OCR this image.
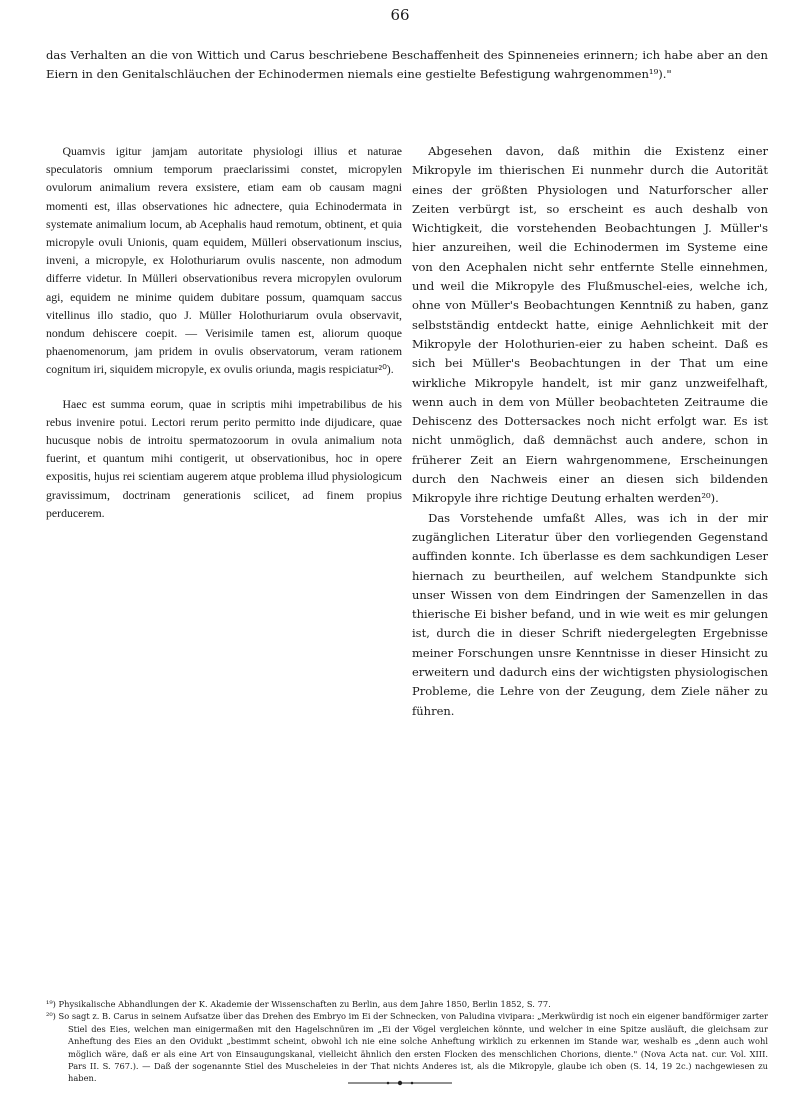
66

das Verhalten an die von Wittich und Carus beschriebene Beschaffenheit des Spinneneies erinnern; ich habe aber an den Eiern in den Genitalschläuchen der Echinodermen niemals eine gestielte Befestigung wahrgenommen¹⁹)."

Quamvis igitur jamjam autoritate physiologi illius et naturae speculatoris omnium temporum praeclarissimi constet, micropylen ovulorum animalium revera exsistere, etiam eam ob causam magni momenti est, illas observationes hic adnectere, quia Echinodermata in systemate animalium locum, ab Acephalis haud remotum, obtinent, et quia micropyle ovuli Unionis, quam equidem, Mülleri observationum inscius, inveni, a micropyle, ex Holothuriarum ovulis nascente, non admodum differre videtur. In Mülleri observationibus revera micropylen ovulorum agi, equidem ne minime quidem dubitare possum, quamquam saccus vitellinus illo stadio, quo J. Müller Holothuriarum ovula observavit, nondum dehiscere coepit. — Verisimile tamen est, aliorum quoque phaenomenorum, jam pridem in ovulis observatorum, veram rationem cognitum iri, siquidem micropyle, ex ovulis oriunda, magis respiciatur²⁰).

Haec est summa eorum, quae in scriptis mihi impetrabilibus de his rebus invenire potui. Lectori rerum perito permitto inde dijudicare, quae hucusque nobis de introitu spermatozoorum in ovula animalium nota fuerint, et quantum mihi contigerit, ut observationibus, hoc in opere expositis, hujus rei scientiam augerem atque problema illud physiologicum gravissimum, doctrinam generationis scilicet, ad finem propius perducerem.

Abgesehen davon, daß mithin die Existenz einer Mikropyle im thierischen Ei nunmehr durch die Autorität eines der größten Physiologen und Naturforscher aller Zeiten verbürgt ist, so erscheint es auch deshalb von Wichtigkeit, die vorstehenden Beobachtungen J. Müller's hier anzureihen, weil die Echinodermen im Systeme eine von den Acephalen nicht sehr entfernte Stelle einnehmen, und weil die Mikropyle des Flußmuschel-eies, welche ich, ohne von Müller's Beobachtungen Kenntniß zu haben, ganz selbstständig entdeckt hatte, einige Aehnlichkeit mit der Mikropyle der Holothurien-eier zu haben scheint. Daß es sich bei Müller's Beobachtungen in der That um eine wirkliche Mikropyle handelt, ist mir ganz unzweifelhaft, wenn auch in dem von Müller beobachteten Zeitraume die Dehiscenz des Dottersackes noch nicht erfolgt war. Es ist nicht unmöglich, daß demnächst auch andere, schon in früherer Zeit an Eiern wahrgenommene, Erscheinungen durch den Nachweis einer an diesen sich bildenden Mikropyle ihre richtige Deutung erhalten werden²⁰).

Das Vorstehende umfaßt Alles, was ich in der mir zugänglichen Literatur über den vorliegenden Gegenstand auffinden konnte. Ich überlasse es dem sachkundigen Leser hiernach zu beurtheilen, auf welchem Standpunkte sich unser Wissen von dem Eindringen der Samenzellen in das thierische Ei bisher befand, und in wie weit es mir gelungen ist, durch die in dieser Schrift niedergelegten Ergebnisse meiner Forschungen unsre Kenntnisse in dieser Hinsicht zu erweitern und dadurch eins der wichtigsten physiologischen Probleme, die Lehre von der Zeugung, dem Ziele näher zu führen.

¹⁹) Physikalische Abhandlungen der K. Akademie der Wissenschaften zu Berlin, aus dem Jahre 1850, Berlin 1852, S. 77.

²⁰) So sagt z. B. Carus in seinem Aufsatze über das Drehen des Embryo im Ei der Schnecken, von Paludina vivipara: „Merkwürdig ist noch ein eigener bandförmiger zarter Stiel des Eies, welchen man einigermaßen mit den Hagelschnüren im „Ei der Vögel vergleichen könnte, und welcher in eine Spitze ausläuft, die gleichsam zur Anheftung des Eies an den Ovidukt „bestimmt scheint, obwohl ich nie eine solche Anheftung wirklich zu erkennen im Stande war, weshalb es „denn auch wohl möglich wäre, daß er als eine Art von Einsaugungskanal, vielleicht ähnlich den ersten Flocken des menschlichen Chorions, diente." (Nova Acta nat. cur. Vol. XIII. Pars II. S. 767.). — Daß der sogenannte Stiel des Muscheleies in der That nichts Anderes ist, als die Mikropyle, glaube ich oben (S. 14, 19 2c.) nachgewiesen zu haben.
